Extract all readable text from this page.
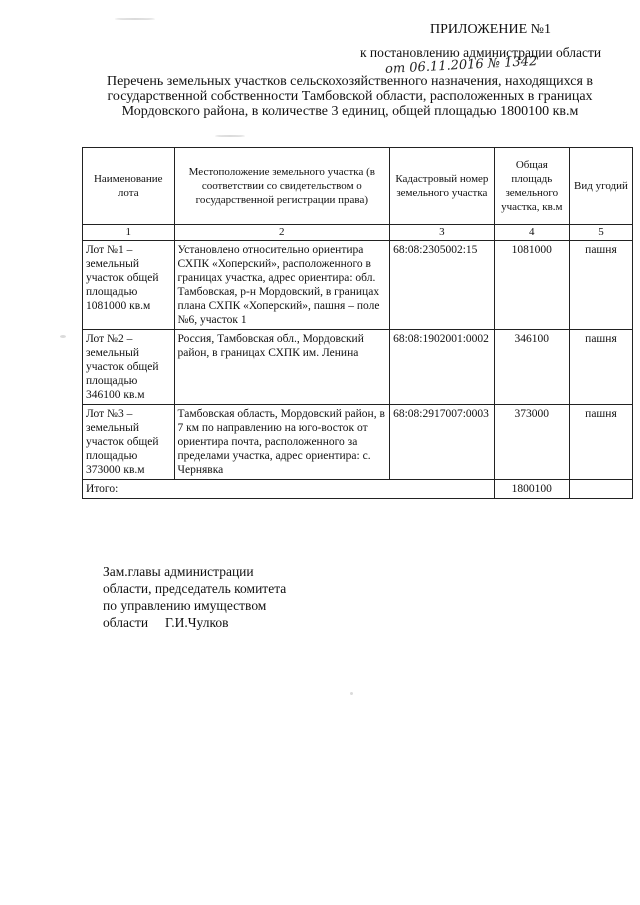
ПРИЛОЖЕНИЕ №1
к постановлению администрации области
от 06.11.2016 № 1342
Перечень земельных участков сельскохозяйственного назначения, находящихся в государственной собственности Тамбовской области, расположенных в границах Мордовского района, в количестве 3 единиц, общей площадью 1800100 кв.м
Наименование лота	Местоположение земельного участка (в соответствии со свидетельством о государственной регистрации права)	Кадастровый номер земельного участка	Общая площадь земельного участка, кв.м	Вид угодий
1	2	3	4	5
Лот №1 – земельный участок общей площадью 1081000 кв.м	Установлено относительно ориентира СХПК «Хоперский», расположенного в границах участка, адрес ориентира: обл. Тамбовская, р-н Мордовский, в границах плана СХПК «Хоперский», пашня – поле №6, участок 1	68:08:2305002:15	1081000	пашня
Лот №2 – земельный участок общей площадью 346100 кв.м	Россия, Тамбовская обл., Мордовский район, в границах СХПК им. Ленина	68:08:1902001:0002	346100	пашня
Лот №3 – земельный участок общей площадью 373000 кв.м	Тамбовская область, Мордовский район, в 7 км по направлению на юго-восток от ориентира почта, расположенного за пределами участка, адрес ориентира: с. Чернявка	68:08:2917007:0003	373000	пашня
Итого:			1800100	
Зам.главы администрации
области, председатель комитета
по управлению имуществом
области     Г.И.Чулков
